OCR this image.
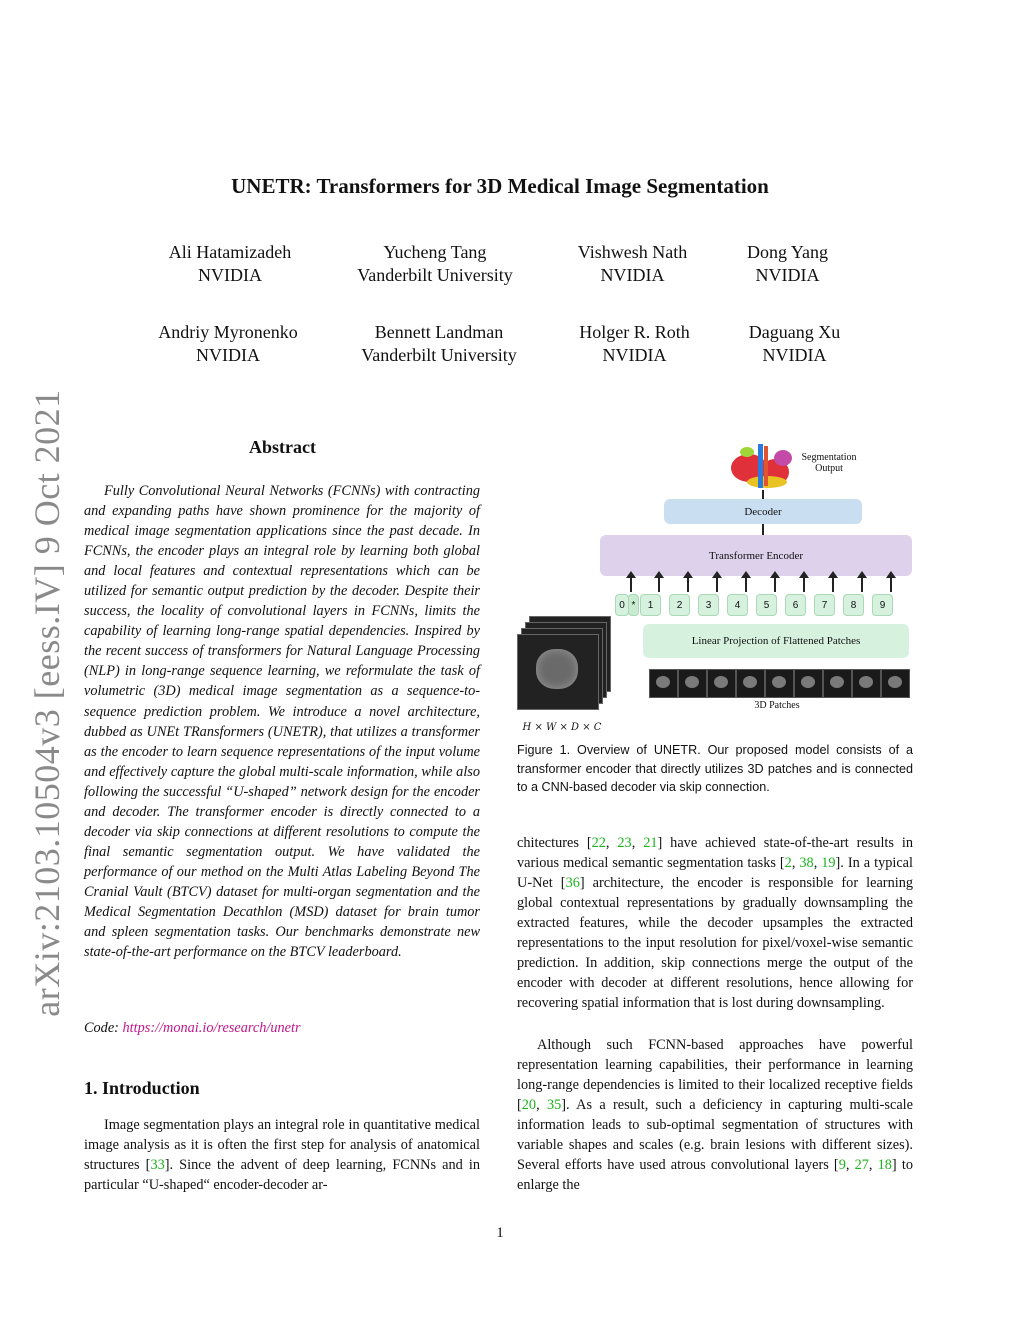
UNETR: Transformers for 3D Medical Image Segmentation
arXiv:2103.10504v3 [eess.IV] 9 Oct 2021
Ali Hatamizadeh
NVIDIA
Yucheng Tang
Vanderbilt University
Vishwesh Nath
NVIDIA
Dong Yang
NVIDIA
Andriy Myronenko
NVIDIA
Bennett Landman
Vanderbilt University
Holger R. Roth
NVIDIA
Daguang Xu
NVIDIA
Abstract

Fully Convolutional Neural Networks (FCNNs) with contracting and expanding paths have shown prominence for the majority of medical image segmentation applications since the past decade. In FCNNs, the encoder plays an integral role by learning both global and local features and contextual representations which can be utilized for semantic output prediction by the decoder. Despite their success, the locality of convolutional layers in FCNNs, limits the capability of learning long-range spatial dependencies. Inspired by the recent success of transformers for Natural Language Processing (NLP) in long-range sequence learning, we reformulate the task of volumetric (3D) medical image segmentation as a sequence-to-sequence prediction problem. We introduce a novel architecture, dubbed as UNEt TRansformers (UNETR), that utilizes a transformer as the encoder to learn sequence representations of the input volume and effectively capture the global multi-scale information, while also following the successful “U-shaped” network design for the encoder and decoder. The transformer encoder is directly connected to a decoder via skip connections at different resolutions to compute the final semantic segmentation output. We have validated the performance of our method on the Multi Atlas Labeling Beyond The Cranial Vault (BTCV) dataset for multi-organ segmentation and the Medical Segmentation Decathlon (MSD) dataset for brain tumor and spleen segmentation tasks. Our benchmarks demonstrate new state-of-the-art performance on the BTCV leaderboard.

Code: https://monai.io/research/unetr
1. Introduction

Image segmentation plays an integral role in quantitative medical image analysis as it is often the first step for analysis of anatomical structures [33]. Since the advent of deep learning, FCNNs and in particular “U-shaped“ encoder-decoder ar-

Segmentation
Output
Decoder
Transformer Encoder
0 *	1	2	3	4	5	6	7	8	9
Linear Projection of Flattened Patches
H × W × D × C
3D Patches
Figure 1. Overview of UNETR. Our proposed model consists of a transformer encoder that directly utilizes 3D patches and is connected to a CNN-based decoder via skip connection.

chitectures [22, 23, 21] have achieved state-of-the-art results in various medical semantic segmentation tasks [2, 38, 19]. In a typical U-Net [36] architecture, the encoder is responsible for learning global contextual representations by gradually downsampling the extracted features, while the decoder upsamples the extracted representations to the input resolution for pixel/voxel-wise semantic prediction. In addition, skip connections merge the output of the encoder with decoder at different resolutions, hence allowing for recovering spatial information that is lost during downsampling.

Although such FCNN-based approaches have powerful representation learning capabilities, their performance in learning long-range dependencies is limited to their localized receptive fields [20, 35]. As a result, such a deficiency in capturing multi-scale information leads to sub-optimal segmentation of structures with variable shapes and scales (e.g. brain lesions with different sizes). Several efforts have used atrous convolutional layers [9, 27, 18] to enlarge the

1
